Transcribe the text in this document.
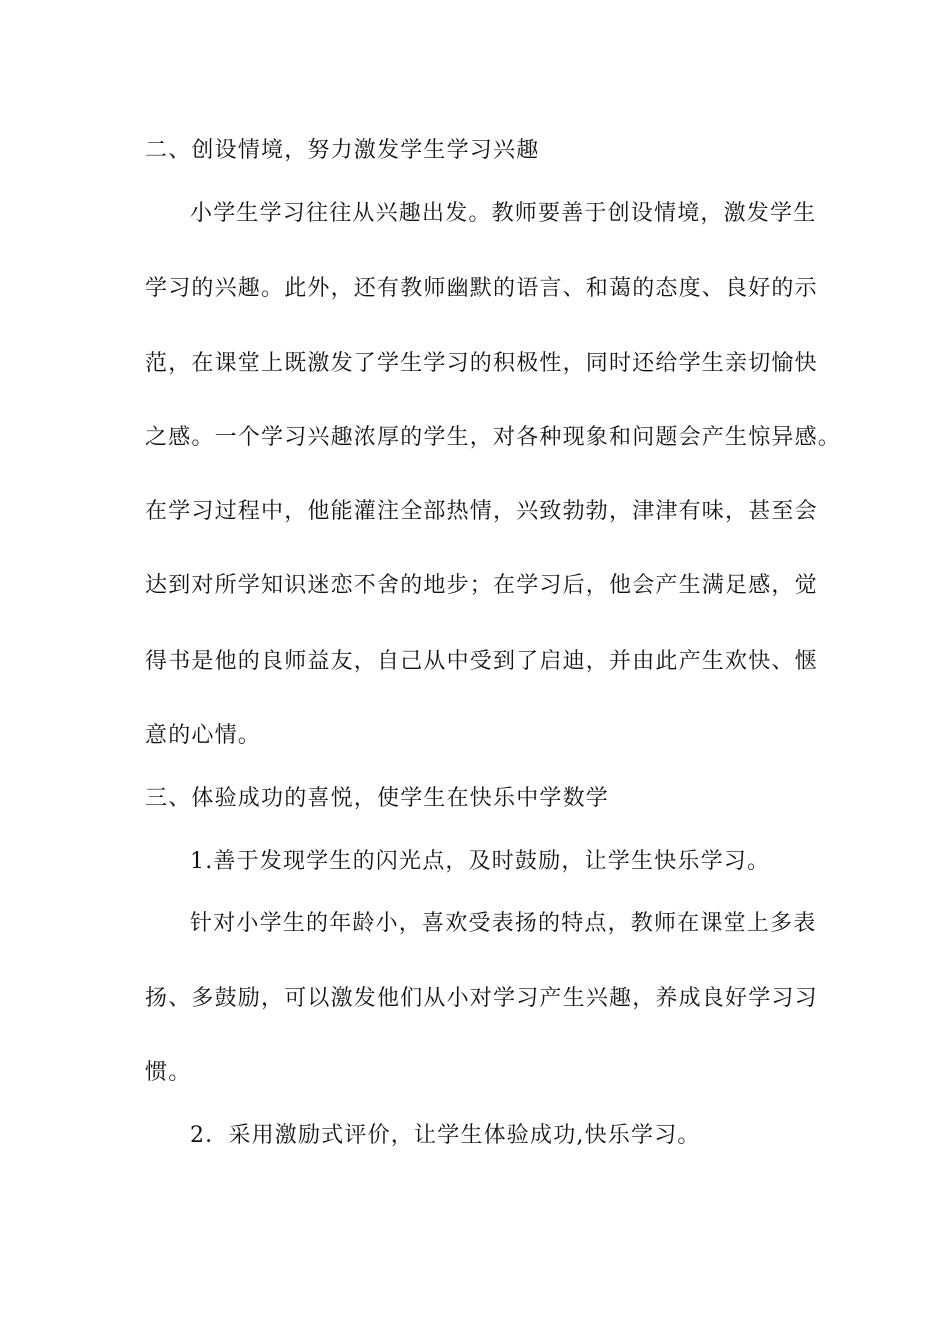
二、创设情境，努力激发学生学习兴趣
小学生学习往往从兴趣出发。教师要善于创设情境，激发学生
学习的兴趣。此外，还有教师幽默的语言、和蔼的态度、良好的示
范，在课堂上既激发了学生学习的积极性，同时还给学生亲切愉快
之感。一个学习兴趣浓厚的学生，对各种现象和问题会产生惊异感。
在学习过程中，他能灌注全部热情，兴致勃勃，津津有味，甚至会
达到对所学知识迷恋不舍的地步；在学习后，他会产生满足感，觉
得书是他的良师益友，自己从中受到了启迪，并由此产生欢快、惬
意的心情。
三、体验成功的喜悦，使学生在快乐中学数学
1.善于发现学生的闪光点，及时鼓励，让学生快乐学习。
针对小学生的年龄小，喜欢受表扬的特点，教师在课堂上多表
扬、多鼓励，可以激发他们从小对学习产生兴趣，养成良好学习习
惯。
2．采用激励式评价，让学生体验成功,快乐学习。
